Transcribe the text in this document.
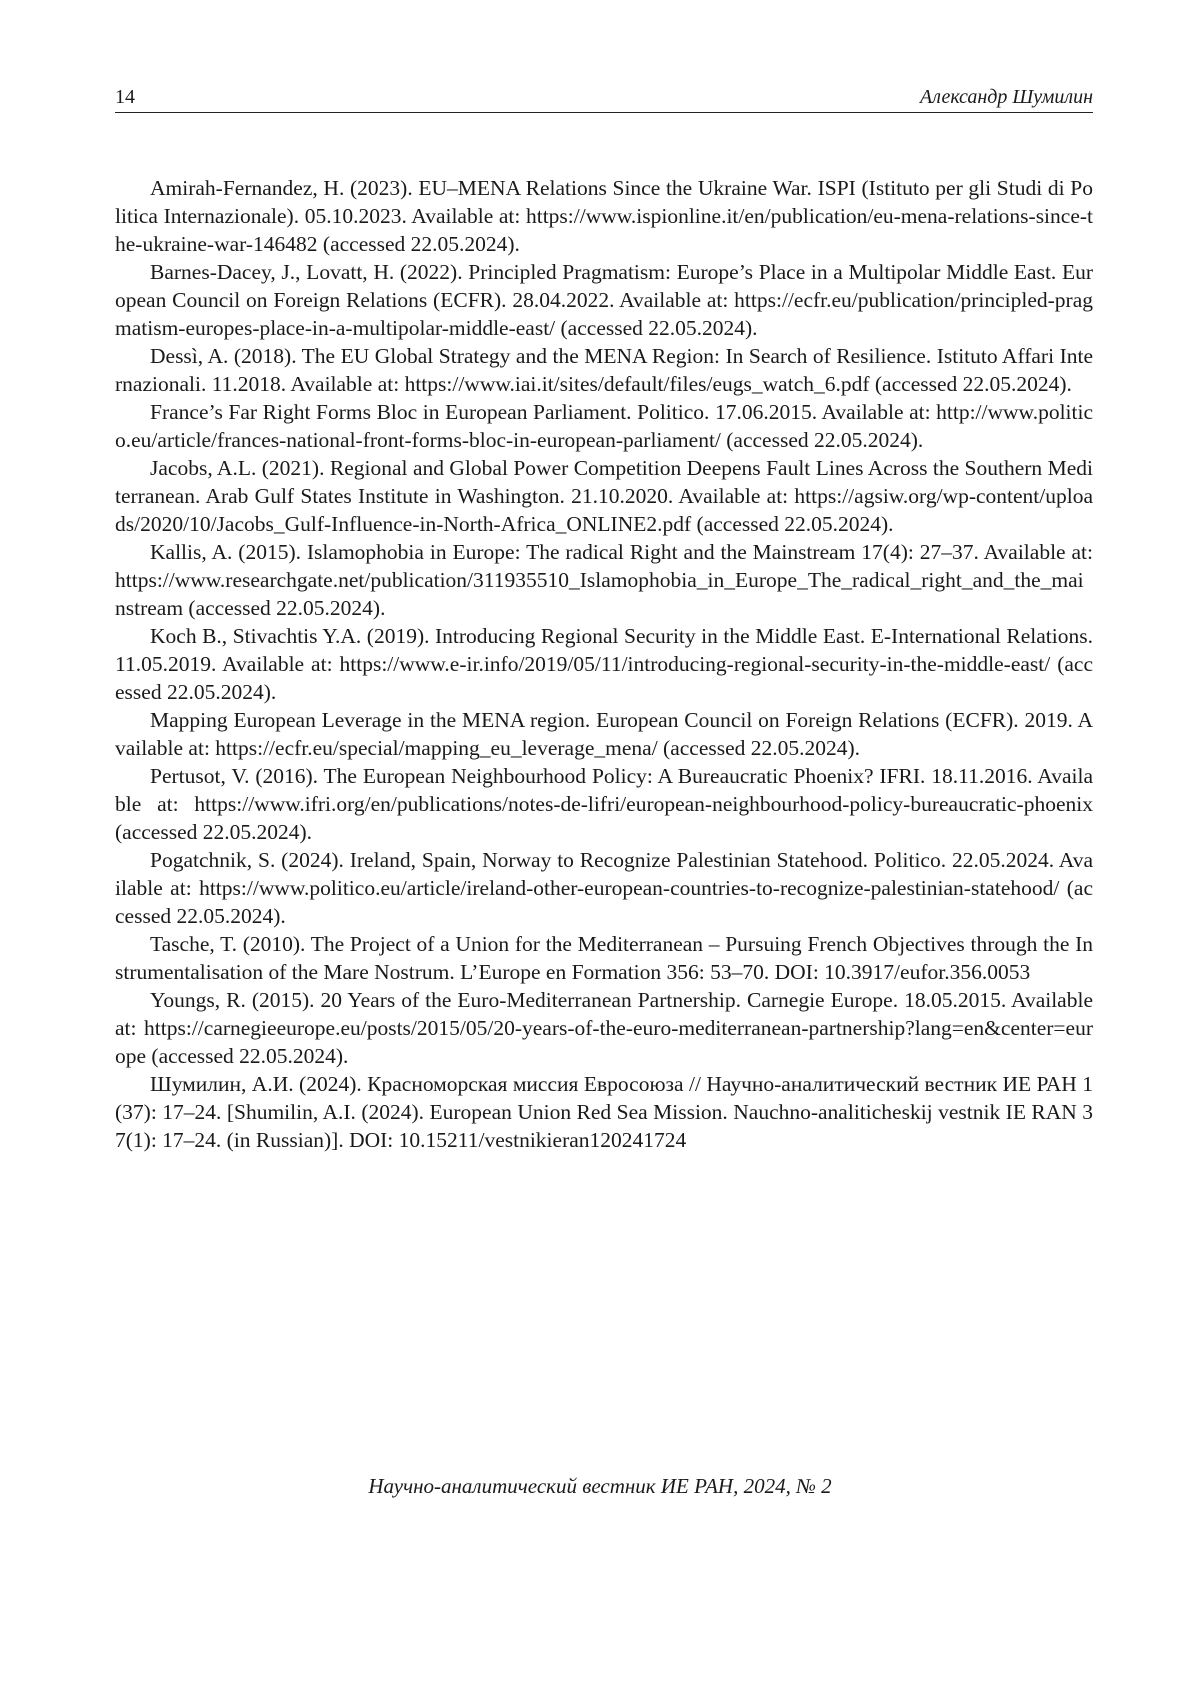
14	Александр Шумилин

Amirah-Fernandez, H. (2023). EU–MENA Relations Since the Ukraine War. ISPI (Istituto per gli Studi di Politica Internazionale). 05.10.2023. Available at: https://www.ispionline.it/en/publication/eu-mena-relations-since-the-ukraine-war-146482 (accessed 22.05.2024).

Barnes-Dacey, J., Lovatt, H. (2022). Principled Pragmatism: Europe’s Place in a Multipolar Middle East. European Council on Foreign Relations (ECFR). 28.04.2022. Available at: https://ecfr.eu/publication/principled-pragmatism-europes-place-in-a-multipolar-middle-east/ (accessed 22.05.2024).

Dessì, A. (2018). The EU Global Strategy and the MENA Region: In Search of Resilience. Istituto Affari Internazionali. 11.2018. Available at: https://www.iai.it/sites/default/files/eugs_watch_6.pdf (accessed 22.05.2024).

France’s Far Right Forms Bloc in European Parliament. Politico. 17.06.2015. Available at: http://www.politico.eu/article/frances-national-front-forms-bloc-in-european-parliament/ (accessed 22.05.2024).

Jacobs, A.L. (2021). Regional and Global Power Competition Deepens Fault Lines Across the Southern Mediterranean. Arab Gulf States Institute in Washington. 21.10.2020. Available at: https://agsiw.org/wp-content/uploads/2020/10/Jacobs_Gulf-Influence-in-North-Africa_ONLINE2.pdf (accessed 22.05.2024).

Kallis, A. (2015). Islamophobia in Europe: The radical Right and the Mainstream 17(4): 27–37. Available at: https://www.researchgate.net/publication/311935510_Islamophobia_in_Europe_The_radical_right_and_the_mainstream (accessed 22.05.2024).

Koch B., Stivachtis Y.A. (2019). Introducing Regional Security in the Middle East. E-International Relations. 11.05.2019. Available at: https://www.e-ir.info/2019/05/11/introducing-regional-security-in-the-middle-east/ (accessed 22.05.2024).

Mapping European Leverage in the MENA region. European Council on Foreign Relations (ECFR). 2019. Available at: https://ecfr.eu/special/mapping_eu_leverage_mena/ (accessed 22.05.2024).

Pertusot, V. (2016). The European Neighbourhood Policy: A Bureaucratic Phoenix? IFRI. 18.11.2016. Available at: https://www.ifri.org/en/publications/notes-de-lifri/european-neighbourhood-policy-bureaucratic-phoenix (accessed 22.05.2024).

Pogatchnik, S. (2024). Ireland, Spain, Norway to Recognize Palestinian Statehood. Politico. 22.05.2024. Available at: https://www.politico.eu/article/ireland-other-european-countries-to-recognize-palestinian-statehood/ (accessed 22.05.2024).

Tasche, T. (2010). The Project of a Union for the Mediterranean – Pursuing French Objectives through the Instrumentalisation of the Mare Nostrum. L’Europe en Formation 356: 53–70. DOI: 10.3917/eufor.356.0053

Youngs, R. (2015). 20 Years of the Euro-Mediterranean Partnership. Carnegie Europe. 18.05.2015. Available at: https://carnegieeurope.eu/posts/2015/05/20-years-of-the-euro-mediterranean-partnership?lang=en&center=europe (accessed 22.05.2024).

Шумилин, А.И. (2024). Красноморская миссия Евросоюза // Научно-аналитический вестник ИЕ РАН 1(37): 17–24. [Shumilin, A.I. (2024). European Union Red Sea Mission. Nauchno-analiticheskij vestnik IE RAN 37(1): 17–24. (in Russian)]. DOI: 10.15211/vestnikieran120241724

Научно-аналитический вестник ИЕ РАН, 2024, № 2
